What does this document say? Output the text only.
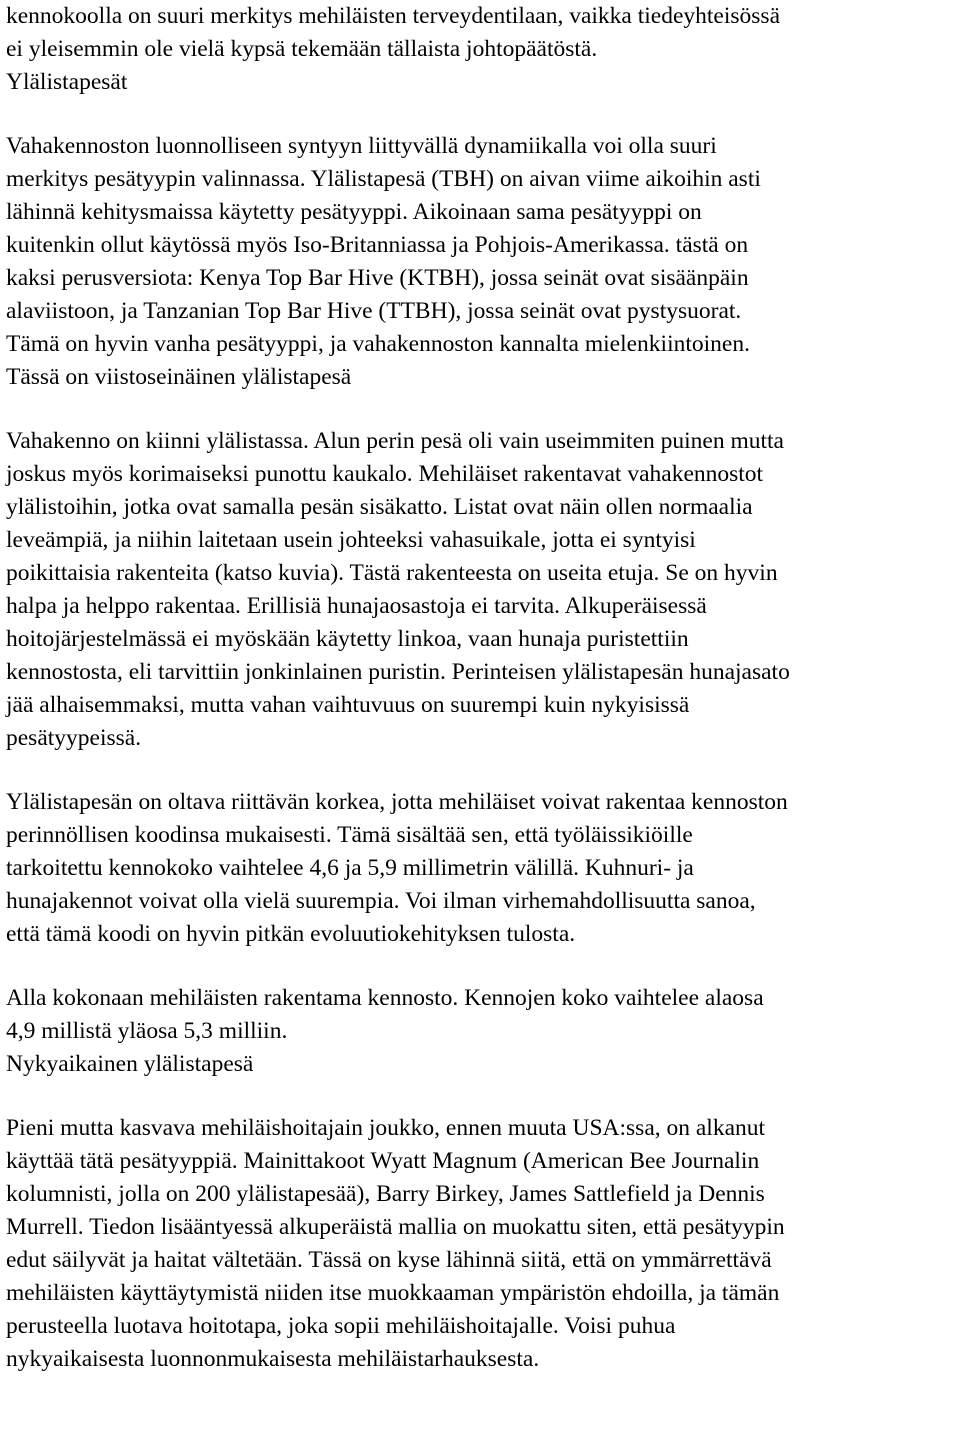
kennokoolla on suuri merkitys mehiläisten terveydentilaan, vaikka tiedeyhteisössä
ei yleisemmin ole vielä kypsä tekemään tällaista johtopäätöstä.

Ylälistapesät

Vahakennoston luonnolliseen syntyyn liittyvällä dynamiikalla voi olla suuri
merkitys pesätyypin valinnassa. Ylälistapesä (TBH) on aivan viime aikoihin asti
lähinnä kehitysmaissa käytetty pesätyyppi. Aikoinaan sama pesätyyppi on
kuitenkin ollut käytössä myös Iso-Britanniassa ja Pohjois-Amerikassa. tästä on
kaksi perusversiota: Kenya Top Bar Hive (KTBH), jossa seinät ovat sisäänpäin
alaviistoon, ja Tanzanian Top Bar Hive (TTBH), jossa seinät ovat pystysuorat.
Tämä on hyvin vanha pesätyyppi, ja vahakennoston kannalta mielenkiintoinen.

Tässä on viistoseinäinen ylälistapesä

Vahakenno on kiinni ylälistassa. Alun perin pesä oli vain useimmiten puinen mutta
joskus myös korimaiseksi punottu kaukalo. Mehiläiset rakentavat vahakennostot
ylälistoihin, jotka ovat samalla pesän sisäkatto. Listat ovat näin ollen normaalia
leveämpiä, ja niihin laitetaan usein johteeksi vahasuikale, jotta ei syntyisi
poikittaisia rakenteita (katso kuvia). Tästä rakenteesta on useita etuja. Se on hyvin
halpa ja helppo rakentaa. Erillisiä hunajaosastoja ei tarvita. Alkuperäisessä
hoitojärjestelmässä ei myöskään käytetty linkoa, vaan hunaja puristettiin
kennostosta, eli tarvittiin jonkinlainen puristin. Perinteisen ylälistapesän hunajasato
jää alhaisemmaksi, mutta vahan vaihtuvuus on suurempi kuin nykyisissä
pesätyypeissä.

Ylälistapesän on oltava riittävän korkea, jotta mehiläiset voivat rakentaa kennoston
perinnöllisen koodinsa mukaisesti. Tämä sisältää sen, että työläissikiöille
tarkoitettu kennokoko vaihtelee 4,6 ja 5,9 millimetrin välillä. Kuhnuri- ja
hunajakennot voivat olla vielä suurempia. Voi ilman virhemahdollisuutta sanoa,
että tämä koodi on hyvin pitkän evoluutiokehityksen tulosta.

Alla kokonaan mehiläisten rakentama kennosto. Kennojen koko vaihtelee alaosa
4,9 millistä yläosa 5,3 milliin.

Nykyaikainen ylälistapesä

Pieni mutta kasvava mehiläishoitajain joukko, ennen muuta USA:ssa, on alkanut
käyttää tätä pesätyyppiä. Mainittakoot Wyatt Magnum (American Bee Journalin
kolumnisti, jolla on 200 ylälistapesää), Barry Birkey, James Sattlefield ja Dennis
Murrell. Tiedon lisääntyessä alkuperäistä mallia on muokattu siten, että pesätyypin
edut säilyvät ja haitat vältetään. Tässä on kyse lähinnä siitä, että on ymmärrettävä
mehiläisten käyttäytymistä niiden itse muokkaaman ympäristön ehdoilla, ja tämän
perusteella luotava hoitotapa, joka sopii mehiläishoitajalle. Voisi puhua
nykyaikaisesta luonnonmukaisesta mehiläistarhauksesta.
